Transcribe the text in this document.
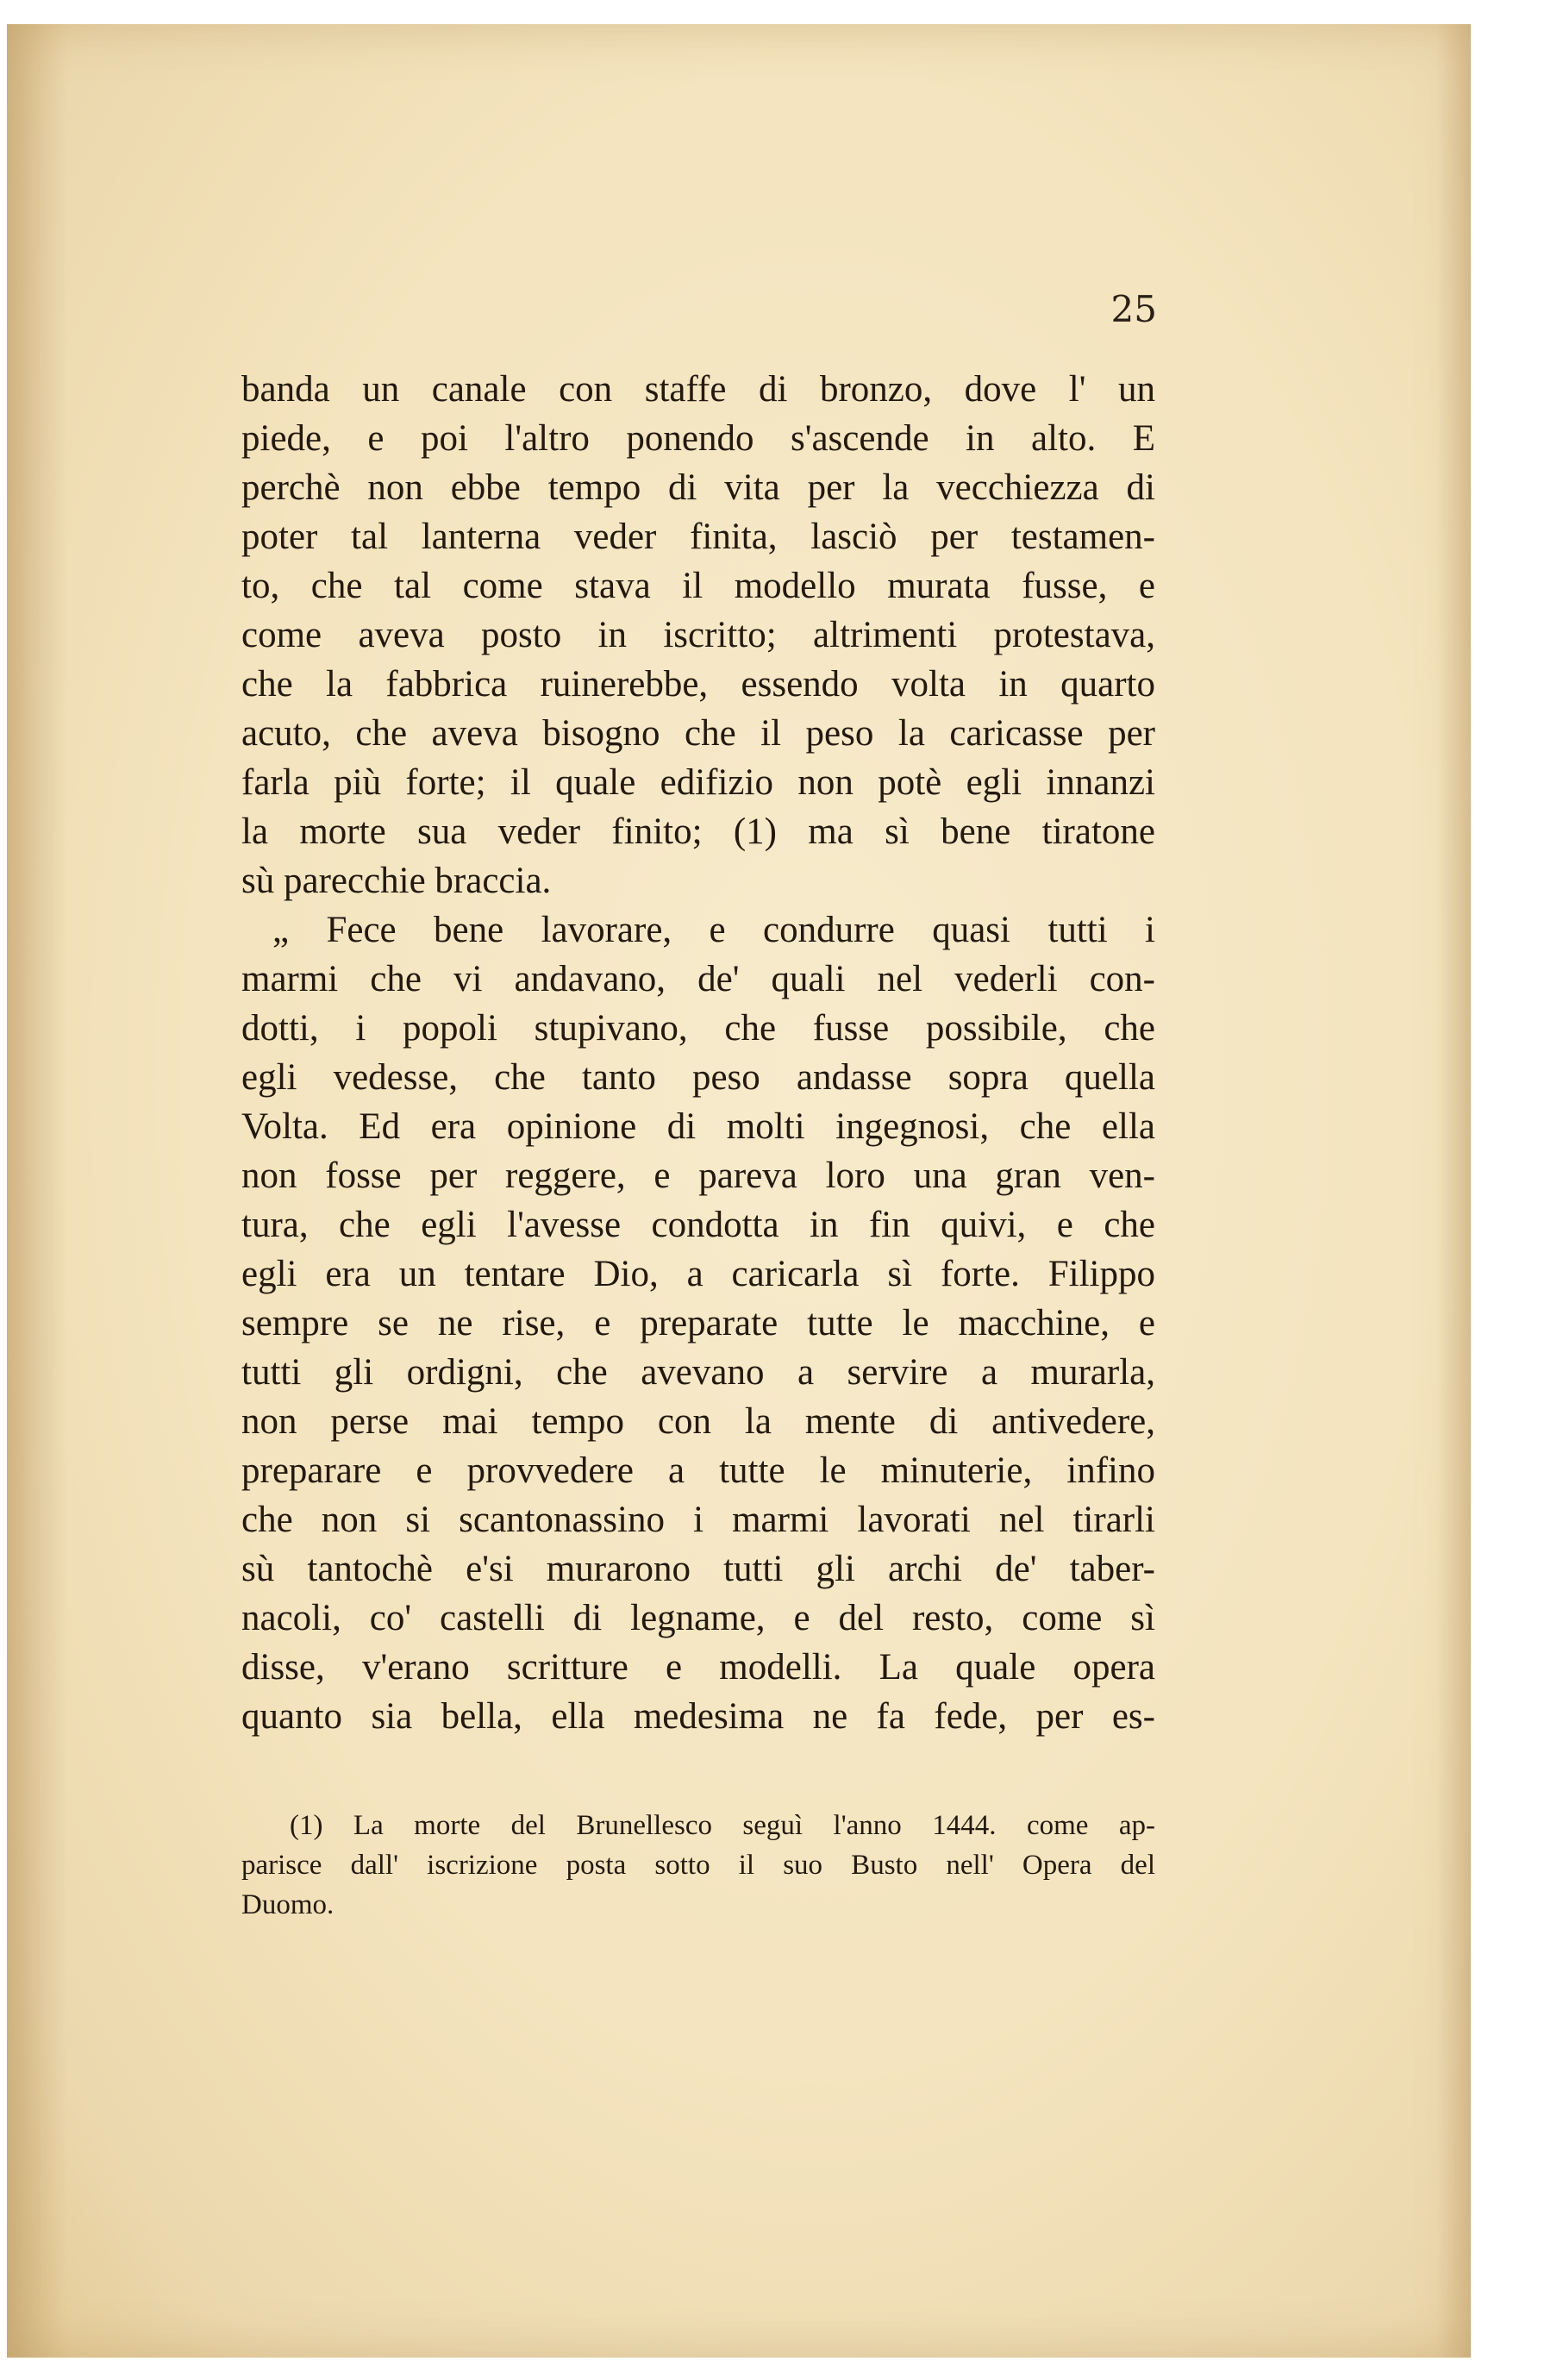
25
banda un canale con staffe di bronzo, dove l' un
piede, e poi l'altro ponendo s'ascende in alto. E
perchè non ebbe tempo di vita per la vecchiezza di
poter tal lanterna veder finita, lasciò per testamen-
to, che tal come stava il modello murata fusse, e
come aveva posto in iscritto; altrimenti protestava,
che la fabbrica ruinerebbe, essendo volta in quarto
acuto, che aveva bisogno che il peso la caricasse per
farla più forte; il quale edifizio non potè egli innanzi
la morte sua veder finito; (1) ma sì bene tiratone
sù parecchie braccia.
„ Fece bene lavorare, e condurre quasi tutti i
marmi che vi andavano, de' quali nel vederli con-
dotti, i popoli stupivano, che fusse possibile, che
egli vedesse, che tanto peso andasse sopra quella
Volta. Ed era opinione di molti ingegnosi, che ella
non fosse per reggere, e pareva loro una gran ven-
tura, che egli l'avesse condotta in fin quivi, e che
egli era un tentare Dio, a caricarla sì forte. Filippo
sempre se ne rise, e preparate tutte le macchine, e
tutti gli ordigni, che avevano a servire a murarla,
non perse mai tempo con la mente di antivedere,
preparare e provvedere a tutte le minuterie, infino
che non si scantonassino i marmi lavorati nel tirarli
sù tantochè e'si murarono tutti gli archi de' taber-
nacoli, co' castelli di legname, e del resto, come sì
disse, v'erano scritture e modelli. La quale opera
quanto sia bella, ella medesima ne fa fede, per es-
(1) La morte del Brunellesco seguì l'anno 1444. come ap-
parisce dall' iscrizione posta sotto il suo Busto nell' Opera del
Duomo.
